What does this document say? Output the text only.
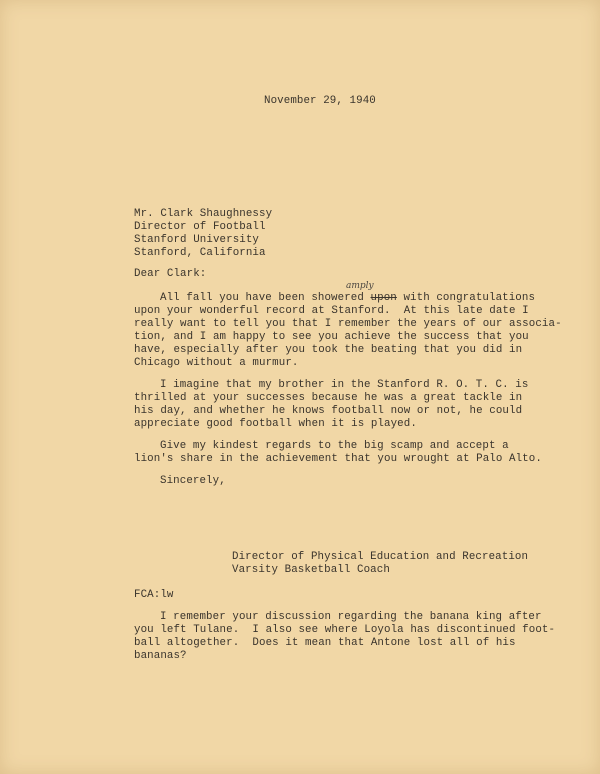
November 29, 1940
Mr. Clark Shaughnessy
Director of Football
Stanford University
Stanford, California
Dear Clark:
amply
All fall you have been showered upon with congratulations
upon your wonderful record at Stanford.  At this late date I
really want to tell you that I remember the years of our associa-
tion, and I am happy to see you achieve the success that you
have, especially after you took the beating that you did in
Chicago without a murmur.
I imagine that my brother in the Stanford R. O. T. C. is
thrilled at your successes because he was a great tackle in
his day, and whether he knows football now or not, he could
appreciate good football when it is played.
Give my kindest regards to the big scamp and accept a
lion's share in the achievement that you wrought at Palo Alto.
Sincerely,
Director of Physical Education and Recreation
Varsity Basketball Coach
FCA:lw
I remember your discussion regarding the banana king after
you left Tulane.  I also see where Loyola has discontinued foot-
ball altogether.  Does it mean that Antone lost all of his
bananas?
